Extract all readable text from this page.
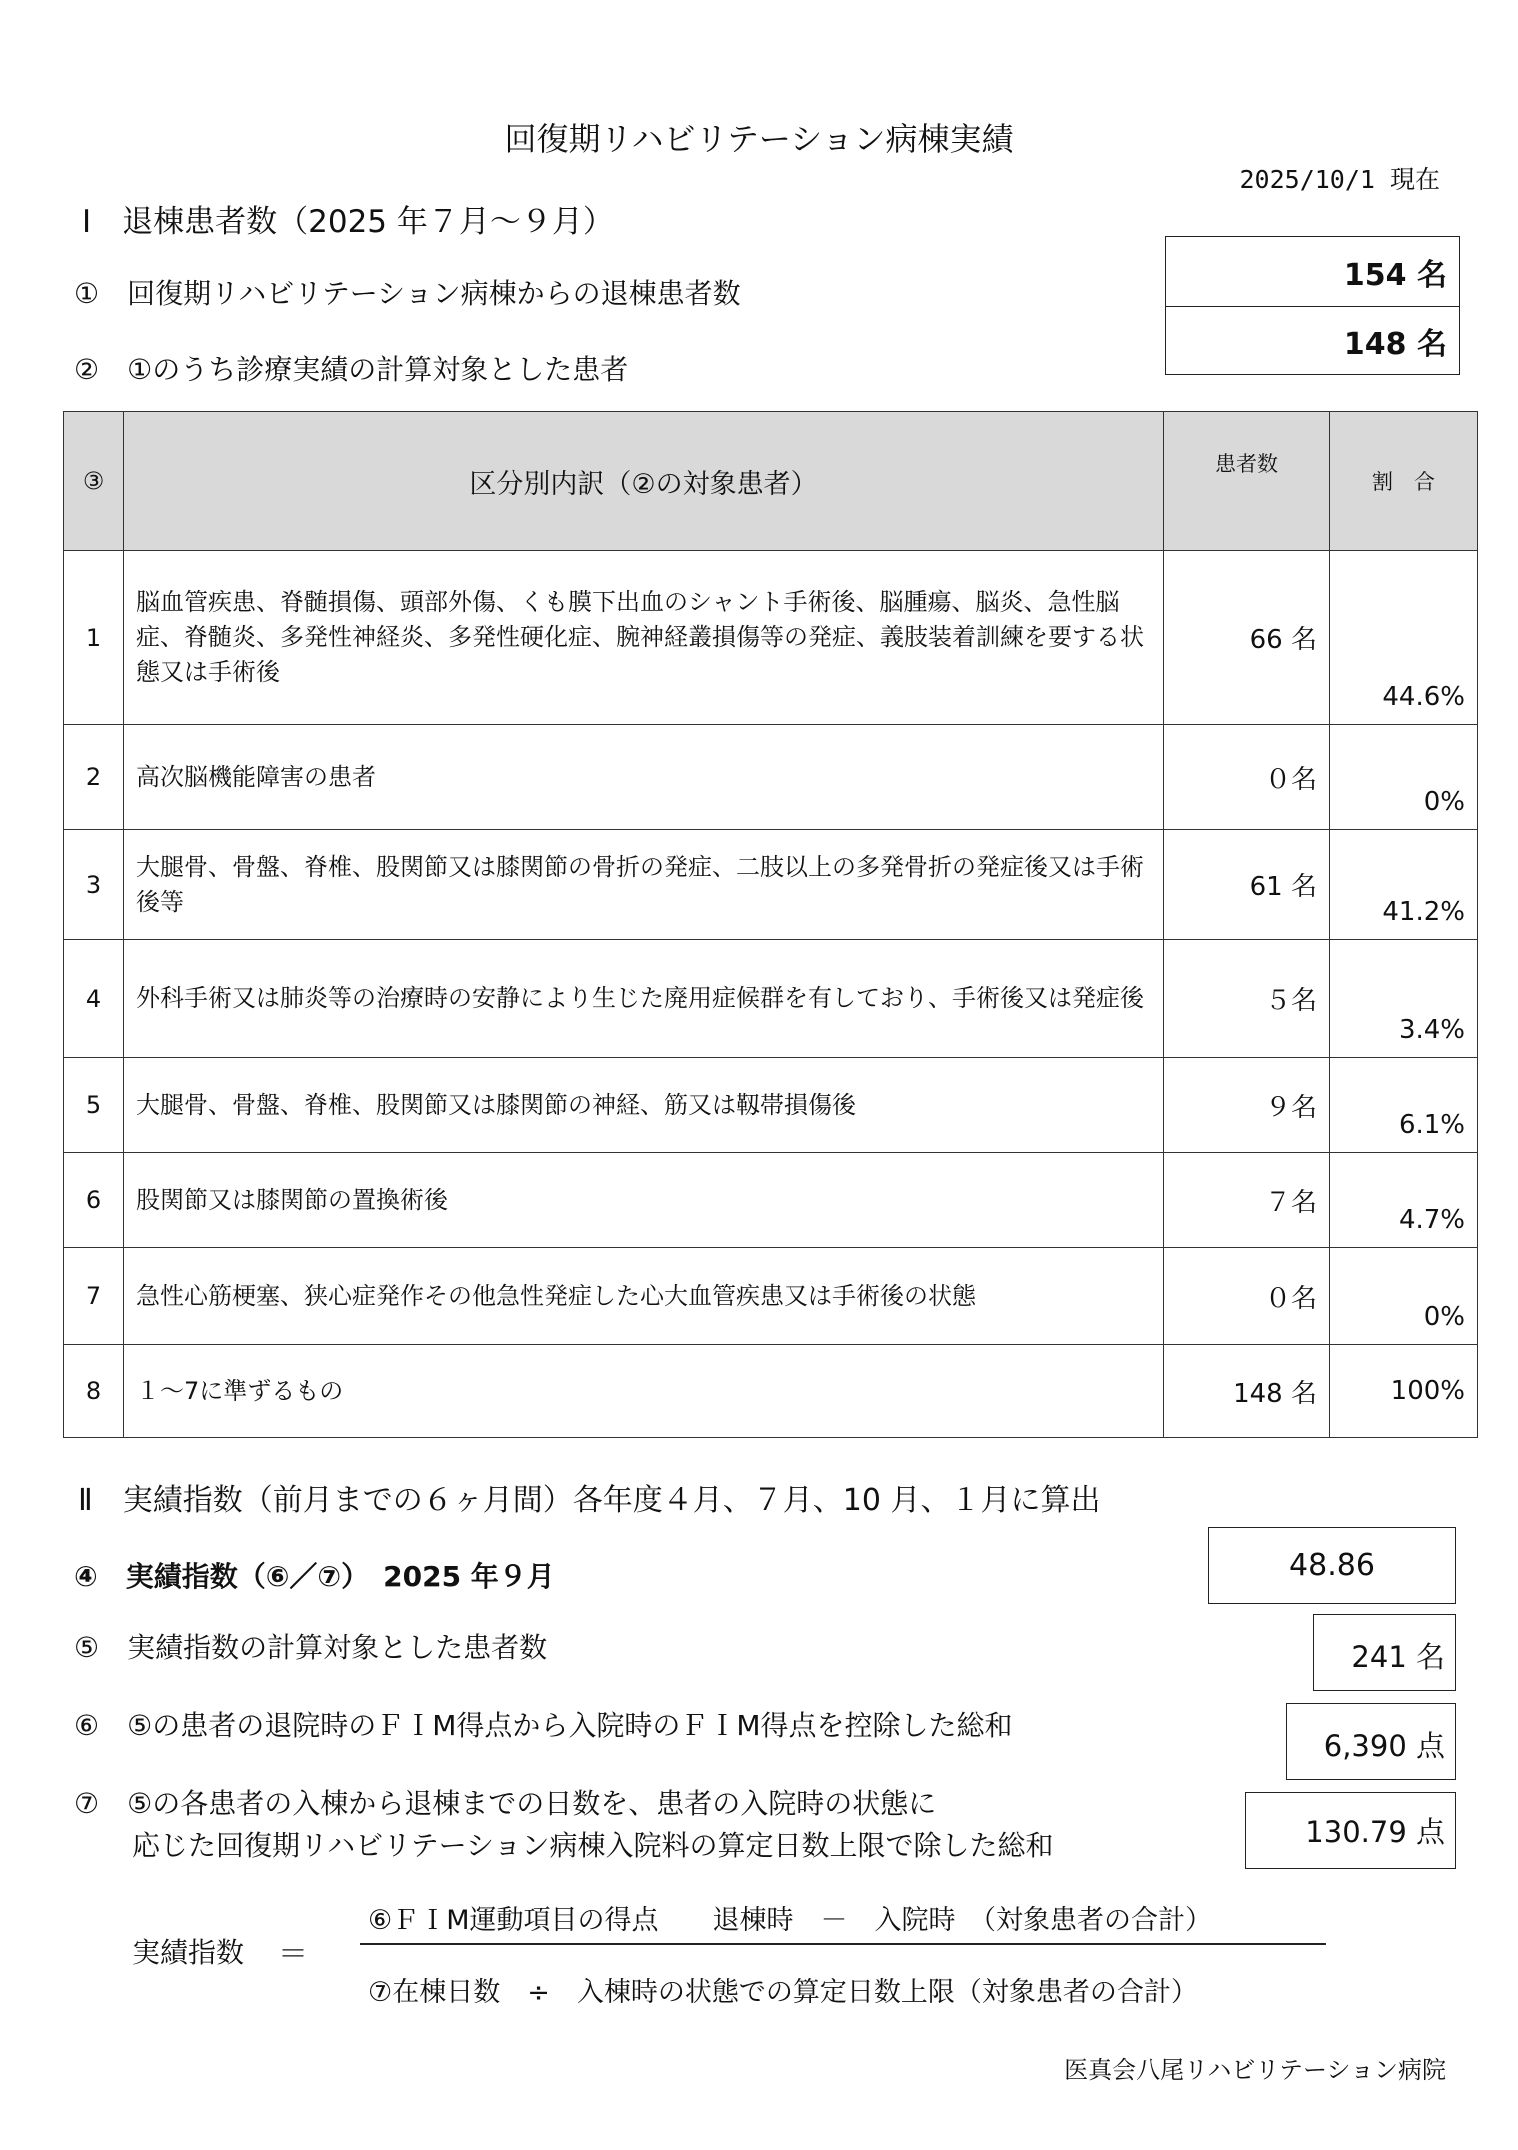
回復期リハビリテーション病棟実績
2025/10/1 現在
Ⅰ　退棟患者数（2025 年７月～９月）
①　回復期リハビリテーション病棟からの退棟患者数
154 名
②　①のうち診療実績の計算対象とした患者
148 名
③	区分別内訳（②の対象患者）	患者数	割　合
1	脳血管疾患、脊髄損傷、頭部外傷、くも膜下出血のシャント手術後、脳腫瘍、脳炎、急性脳症、脊髄炎、多発性神経炎、多発性硬化症、腕神経叢損傷等の発症、義肢装着訓練を要する状態又は手術後	66 名	44.6%
2	高次脳機能障害の患者	０名	0%
3	大腿骨、骨盤、脊椎、股関節又は膝関節の骨折の発症、二肢以上の多発骨折の発症後又は手術後等	61 名	41.2%
4	外科手術又は肺炎等の治療時の安静により生じた廃用症候群を有しており、手術後又は発症後	５名	3.4%
5	大腿骨、骨盤、脊椎、股関節又は膝関節の神経、筋又は靱帯損傷後	９名	6.1%
6	股関節又は膝関節の置換術後	７名	4.7%
7	急性心筋梗塞、狭心症発作その他急性発症した心大血管疾患又は手術後の状態	０名	0%
8	１～7に準ずるもの	148 名	100%
Ⅱ　実績指数（前月までの６ヶ月間）各年度４月、７月、10 月、１月に算出
④　実績指数（⑥／⑦）　2025 年９月	48.86
⑤　実績指数の計算対象とした患者数	241 名
⑥　⑤の患者の退院時のＦＩM得点から入院時のＦＩM得点を控除した総和
6,390 点
⑦　⑤の各患者の入棟から退棟までの日数を、患者の入院時の状態に
応じた回復期リハビリテーション病棟入院料の算定日数上限で除した総和	130.79 点
実績指数 ＝
⑥ＦＩM運動項目の得点　　退棟時　－　入院時　（対象患者の合計）
⑦在棟日数　÷　入棟時の状態での算定日数上限（対象患者の合計）
医真会八尾リハビリテーション病院
